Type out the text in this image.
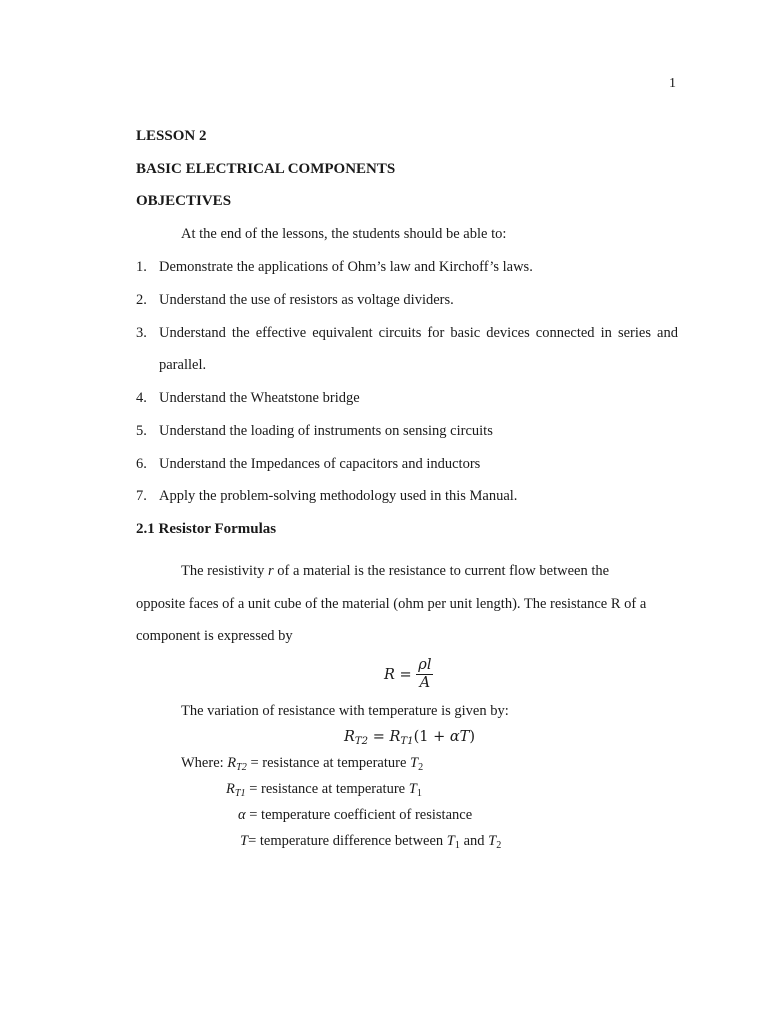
1
LESSON 2
BASIC ELECTRICAL COMPONENTS
OBJECTIVES
At the end of the lessons, the students should be able to:
1. Demonstrate the applications of Ohm’s law and Kirchoff’s laws.
2. Understand the use of resistors as voltage dividers.
3. Understand the effective equivalent circuits for basic devices connected in series and
parallel.
4. Understand the Wheatstone bridge
5. Understand the loading of instruments on sensing circuits
6. Understand the Impedances of capacitors and inductors
7. Apply the problem-solving methodology used in this Manual.
2.1 Resistor Formulas
The resistivity r of a material is the resistance to current flow between the
opposite faces of a unit cube of the material (ohm per unit length). The resistance R of a
component is expressed by
$R = \frac{\rho l}{A}$
The variation of resistance with temperature is given by:
$R_{T2} = R_{T1}(1 + \alpha T)$
Where: $R_{T2}$ = resistance at temperature $T_2$
$R_{T1}$ = resistance at temperature $T_1$
α = temperature coefficient of resistance
T= temperature difference between $T_1$ and $T_2$
